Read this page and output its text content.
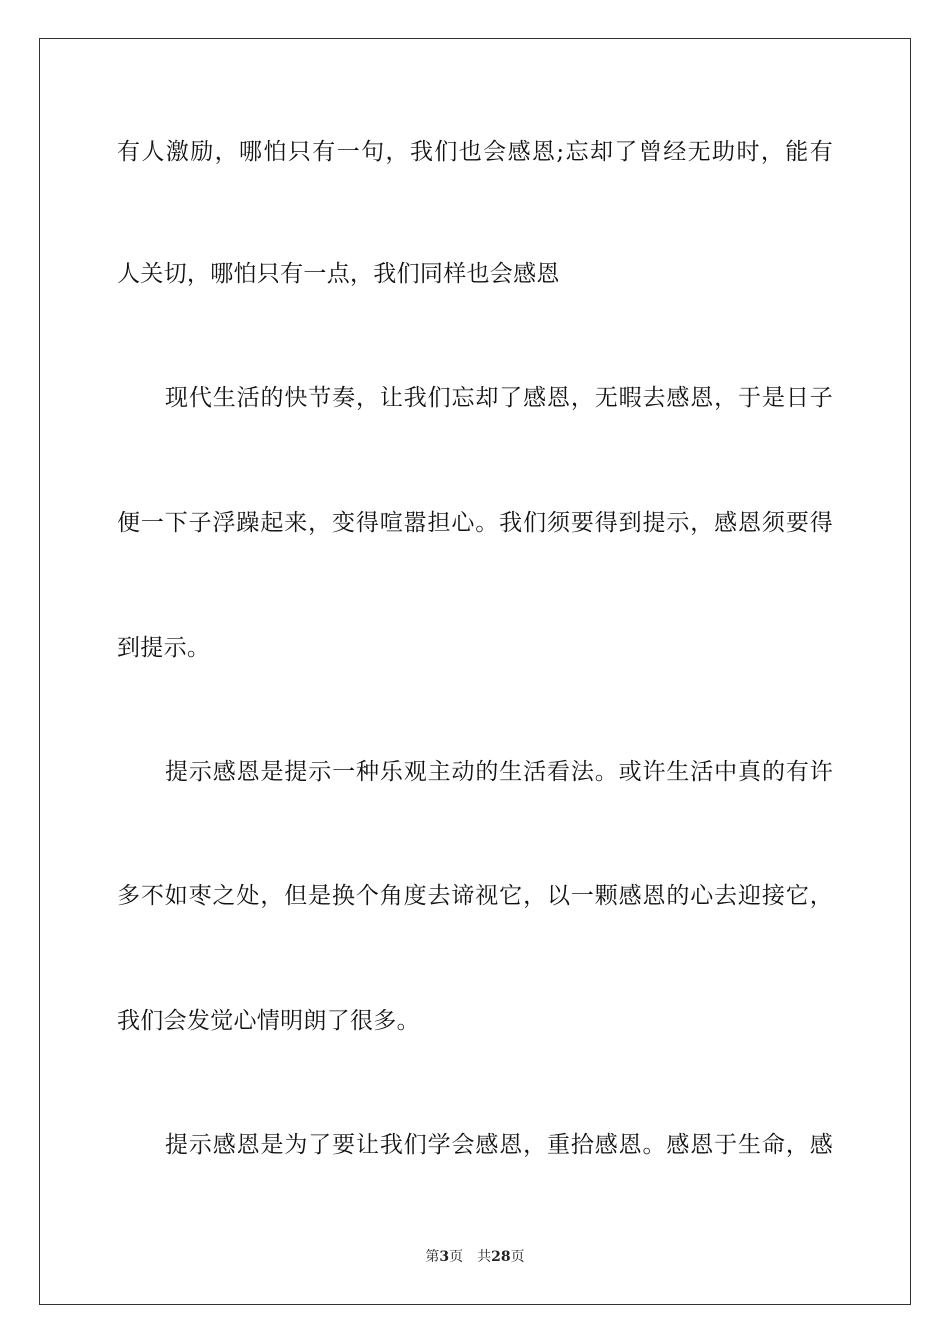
有人激励，哪怕只有一句，我们也会感恩;忘却了曾经无助时，能有
人关切，哪怕只有一点，我们同样也会感恩
现代生活的快节奏，让我们忘却了感恩，无暇去感恩，于是日子
便一下子浮躁起来，变得喧嚣担心。我们须要得到提示，感恩须要得
到提示。
提示感恩是提示一种乐观主动的生活看法。或许生活中真的有许
多不如枣之处，但是换个角度去谛视它，以一颗感恩的心去迎接它，
我们会发觉心情明朗了很多。
提示感恩是为了要让我们学会感恩，重拾感恩。感恩于生命，感
第3页 共28页
